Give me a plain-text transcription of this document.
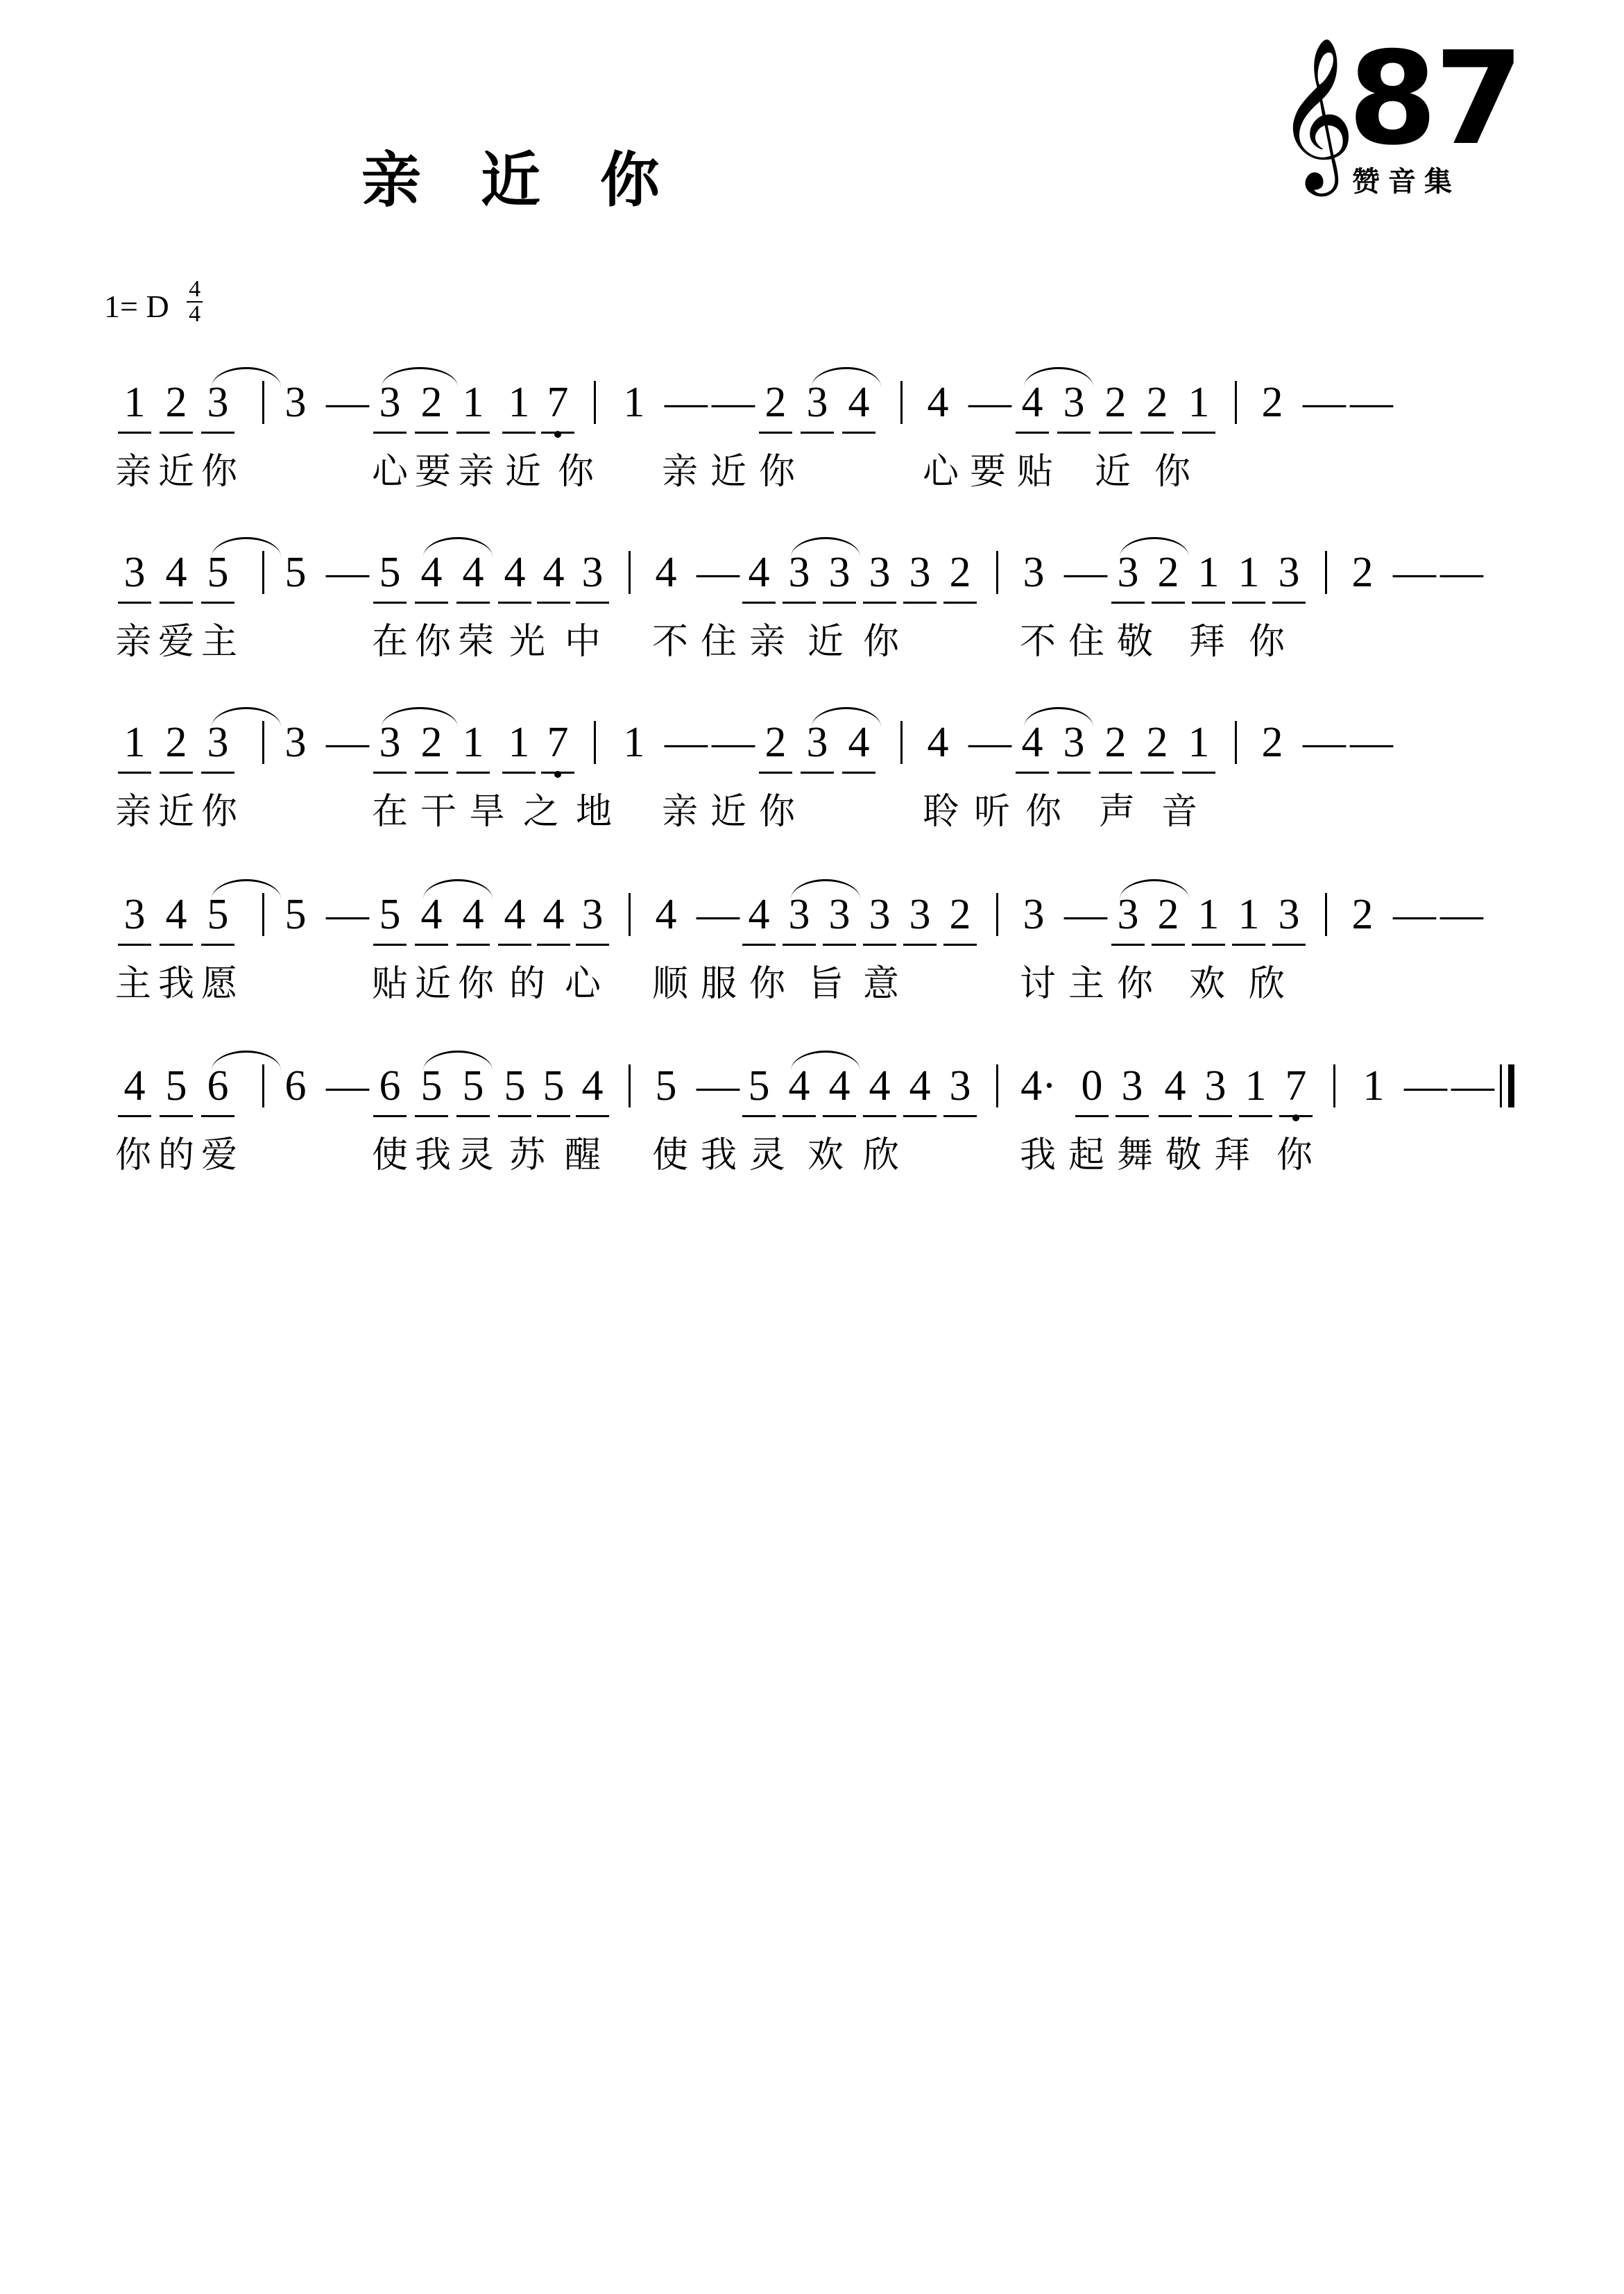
𝄞
87
赞音集
亲 近 你
1= D $\frac{4}{4}$
1 2 3 3 — 3 2 1 1 7 1 — — 2 3 4 4 — 4 3 2 2 1 2 — —
亲 近 你	心 要 亲 近 你 亲 近 你	心 要 贴 近 你
3 4 5 5 — 5 4 4 4 4 3 4 — 4 3 3 3 3 2 3 — 3 2 1 1 3 2 — —
亲 爱 主	在 你 荣 光 中 不 住 亲 近 你	不 住 敬 拜 你
1 2 3 3 — 3 2 1 1 7 1 — — 2 3 4 4 — 4 3 2 2 1 2 — —
亲 近 你	在 干 旱 之 地 亲 近 你	聆 听 你 声 音
3 4 5 5 — 5 4 4 4 4 3 4 — 4 3 3 3 3 2 3 — 3 2 1 1 3 2 — —
主 我 愿	贴 近 你 的 心 顺 服 你 旨 意	讨 主 你 欢 欣
4 5 6 6 — 6 5 5 5 5 4 5 — 5 4 4 4 4 3 4· 0 3 4 3 1 7 1 — —
你 的 爱	使 我 灵 苏 醒 使 我 灵 欢 欣	我 起 舞 敬 拜 你
